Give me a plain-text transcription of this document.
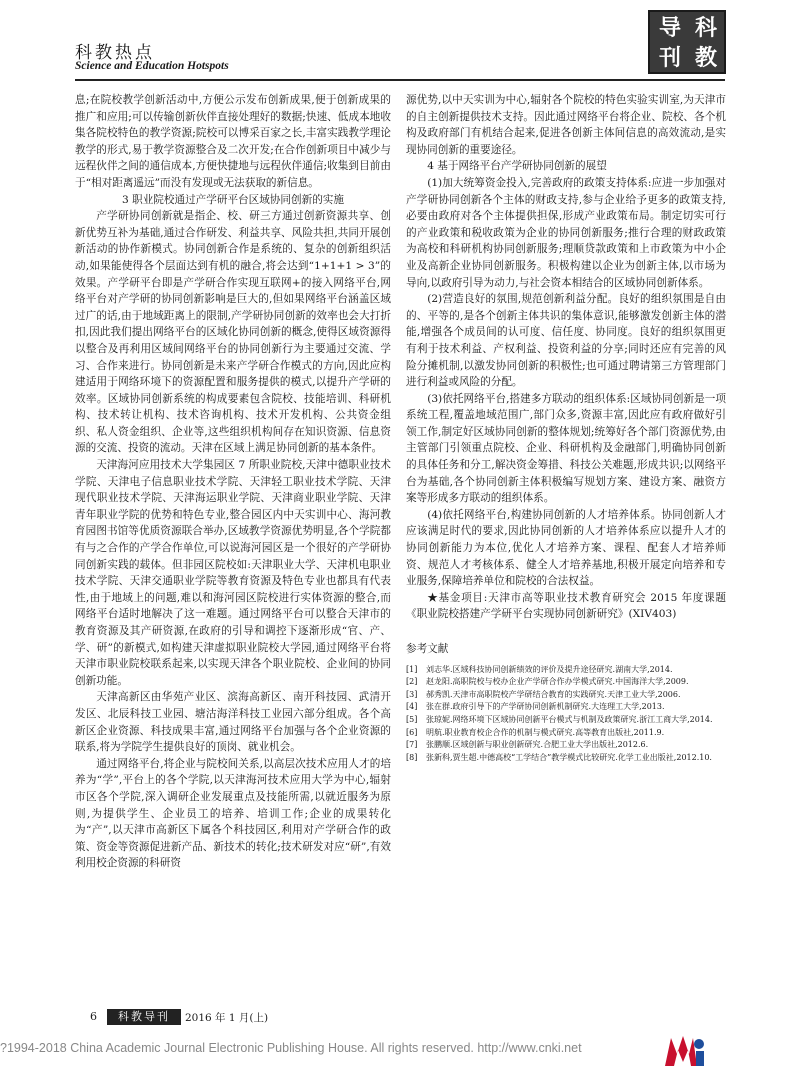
科教热点
Science and Education Hotspots
导 科
刊 教

息;在院校教学创新活动中,方便公示发布创新成果,便于创新成果的推广和应用;可以传输创新伙伴直接处理好的数据;快速、低成本地收集各院校特色的教学资源;院校可以博采百家之长,丰富实践教学理论教学的形式,易于教学资源整合及二次开发;在合作创新项目中减少与远程伙伴之间的通信成本,方便快捷地与远程伙伴通信;收集到目前由于“相对距离遥远”而没有发现或无法获取的新信息。

3 职业院校通过产学研平台区域协同创新的实施

产学研协同创新就是指企、校、研三方通过创新资源共享、创新优势互补为基础,通过合作研发、利益共享、风险共担,共同开展创新活动的协作新模式。协同创新合作是系统的、复杂的创新组织活动,如果能使得各个层面达到有机的融合,将会达到“1+1+1 > 3”的效果。产学研平台即是产学研合作实现互联网+的接入网络平台,网络平台对产学研的协同创新影响是巨大的,但如果网络平台涵盖区域过广的话,由于地域距离上的限制,产学研协同创新的效率也会大打折扣,因此我们提出网络平台的区域化协同创新的概念,使得区域资源得以整合及再利用区域间网络平台的协同创新行为主要通过交流、学习、合作来进行。协同创新是未来产学研合作模式的方向,因此应构建适用于网络环境下的资源配置和服务提供的模式,以提升产学研的效率。区域协同创新系统的构成要素包含院校、技能培训、科研机构、技术转让机构、技术咨询机构、技术开发机构、公共资金组织、私人资金组织、企业等,这些组织机构间存在知识资源、信息资源的交流、投资的流动。天津在区域上满足协同创新的基本条件。

天津海河应用技术大学集园区 7 所职业院校,天津中德职业技术学院、天津电子信息职业技术学院、天津轻工职业技术学院、天津现代职业技术学院、天津海运职业学院、天津商业职业学院、天津青年职业学院的优势和特色专业,整合园区内中天实训中心、海河教育园图书馆等优质资源联合举办,区域教学资源优势明显,各个学院都有与之合作的产学合作单位,可以说海河园区是一个很好的产学研协同创新实践的载体。但非园区院校如:天津职业大学、天津机电职业技术学院、天津交通职业学院等教育资源及特色专业也都具有代表性,由于地域上的问题,难以和海河园区院校进行实体资源的整合,而网络平台适时地解决了这一难题。通过网络平台可以整合天津市的教育资源及其产研资源,在政府的引导和调控下逐渐形成“官、产、学、研”的新模式,如构建天津虚拟职业院校大学园,通过网络平台将天津市职业院校联系起来,以实现天津各个职业院校、企业间的协同创新功能。

天津高新区由华苑产业区、滨海高新区、南开科技园、武清开发区、北辰科技工业园、塘沽海洋科技工业园六部分组成。各个高新区企业资源、科技成果丰富,通过网络平台加强与各个企业资源的联系,将为学院学生提供良好的顶岗、就业机会。

通过网络平台,将企业与院校间关系,以高层次技术应用人才的培养为“学”,平台上的各个学院,以天津海河技术应用大学为中心,辐射市区各个学院,深入调研企业发展重点及技能所需,以就近服务为原则,为提供学生、企业员工的培养、培训工作;企业的成果转化为“产”,以天津市高新区下属各个科技园区,利用对产学研合作的政策、资金等资源促进新产品、新技术的转化;技术研发对应“研”,有效利用校企资源的科研资

源优势,以中天实训为中心,辐射各个院校的特色实验实训室,为天津市的自主创新提供技术支持。因此通过网络平台将企业、院校、各个机构及政府部门有机结合起来,促进各创新主体间信息的高效流动,是实现协同创新的重要途径。

4 基于网络平台产学研协同创新的展望

(1)加大统筹资金投入,完善政府的政策支持体系:应进一步加强对产学研协同创新各个主体的财政支持,参与企业给予更多的政策支持,必要由政府对各个主体提供担保,形成产业政策布局。制定切实可行的产业政策和税收政策为企业的协同创新服务;推行合理的财政政策为高校和科研机构协同创新服务;理顺贷款政策和上市政策为中小企业及高新企业协同创新服务。积极构建以企业为创新主体,以市场为导向,以政府引导为动力,与社会资本相结合的区域协同创新体系。

(2)营造良好的氛围,规范创新利益分配。良好的组织氛围是自由的、平等的,是各个创新主体共识的集体意识,能够激发创新主体的潜能,增强各个成员间的认可度、信任度、协同度。良好的组织氛围更有利于技术利益、产权利益、投资利益的分享;同时还应有完善的风险分摊机制,以激发协同创新的积极性;也可通过聘请第三方管理部门进行利益或风险的分配。

(3)依托网络平台,搭建多方联动的组织体系:区域协同创新是一项系统工程,覆盖地域范围广,部门众多,资源丰富,因此应有政府做好引领工作,制定好区域协同创新的整体规划;统筹好各个部门资源优势,由主管部门引领重点院校、企业、科研机构及金融部门,明确协同创新的具体任务和分工,解决资金筹措、科技公关难题,形成共识;以网络平台为基础,各个协同创新主体积极编写规划方案、建设方案、融资方案等形成多方联动的组织体系。

(4)依托网络平台,构建协同创新的人才培养体系。协同创新人才应该满足时代的要求,因此协同创新的人才培养体系应以提升人才的协同创新能力为本位,优化人才培养方案、课程、配套人才培养师资、规范人才考核体系、健全人才培养基地,积极开展定向培养和专业服务,保障培养单位和院校的合法权益。

★基金项目:天津市高等职业技术教育研究会 2015 年度课题《职业院校搭建产学研平台实现协同创新研究》(XIV403)

参考文献

[1] 刘志华.区域科技协同创新绩效的评价及提升途径研究.湖南大学,2014.
[2] 赵龙阳.高职院校与校办企业产学研合作办学模式研究.中国海洋大学,2009.
[3] 郝秀凯.天津市高职院校产学研结合教育的实践研究.天津工业大学,2006.
[4] 张在群.政府引导下的产学研协同创新机制研究.大连理工大学,2013.
[5] 张琼妮.网络环境下区域协同创新平台模式与机制及政策研究.浙江工商大学,2014.
[6] 明航.职业教育校企合作的机制与模式研究.高等教育出版社,2011.9.
[7] 张鹏顺.区域创新与职业创新研究.合肥工业大学出版社,2012.6.
[8] 张新科,贾生超.中德高校“工学结合”教学模式比较研究.化学工业出版社,2012.10.
6	科教导刊	2016 年 1 月(上)
?1994-2018 China Academic Journal Electronic Publishing House. All rights reserved. http://www.cnki.net
